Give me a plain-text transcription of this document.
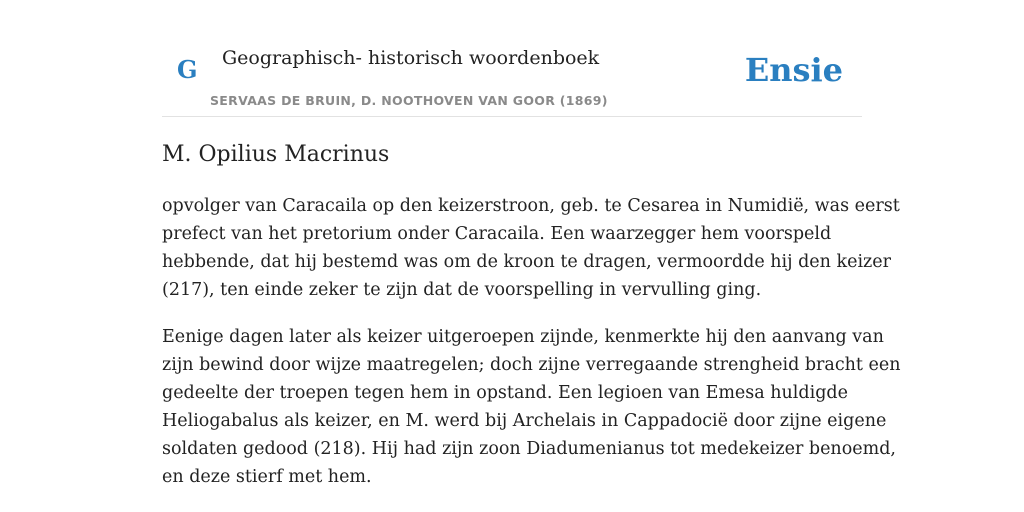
G Geographisch- historisch woordenboek
SERVAAS DE BRUIN, D. NOOTHOVEN VAN GOOR (1869)
Ensie
M. Opilius Macrinus

opvolger van Caracaila op den keizerstroon, geb. te Cesarea in Numidië, was eerst
prefect van het pretorium onder Caracaila. Een waarzegger hem voorspeld
hebbende, dat hij bestemd was om de kroon te dragen, vermoordde hij den keizer
(217), ten einde zeker te zijn dat de voorspelling in vervulling ging.

Eenige dagen later als keizer uitgeroepen zijnde, kenmerkte hij den aanvang van
zijn bewind door wijze maatregelen; doch zijne verregaande strengheid bracht een
gedeelte der troepen tegen hem in opstand. Een legioen van Emesa huldigde
Heliogabalus als keizer, en M. werd bij Archelais in Cappadocië door zijne eigene
soldaten gedood (218). Hij had zijn zoon Diadumenianus tot medekeizer benoemd,
en deze stierf met hem.
